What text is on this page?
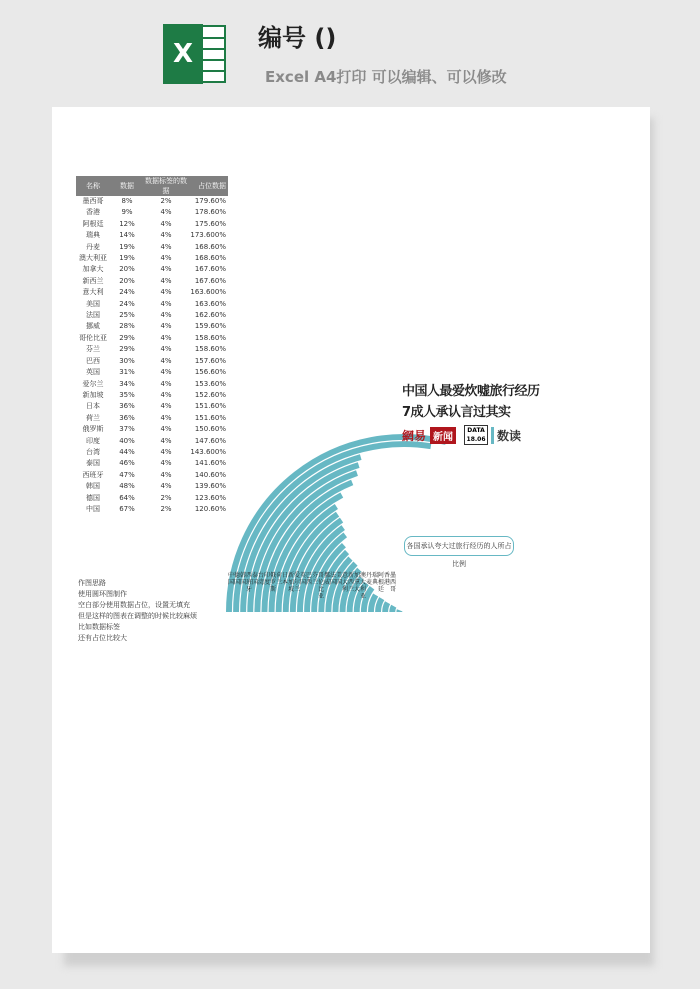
X
编号 ()
Excel A4打印 可以编辑、可以修改
名称	数据	数据标签的数据	占位数据
墨西哥	8%	2%	179.60%
香港	9%	4%	178.60%
阿根廷	12%	4%	175.60%
瑞典	14%	4%	173.600%
丹麦	19%	4%	168.60%
澳大利亚	19%	4%	168.60%
加拿大	20%	4%	167.60%
新西兰	20%	4%	167.60%
意大利	24%	4%	163.600%
美国	24%	4%	163.60%
法国	25%	4%	162.60%
挪威	28%	4%	159.60%
哥伦比亚	29%	4%	158.60%
芬兰	29%	4%	158.60%
巴西	30%	4%	157.60%
英国	31%	4%	156.60%
爱尔兰	34%	4%	153.60%
新加坡	35%	4%	152.60%
日本	36%	4%	151.60%
荷兰	36%	4%	151.60%
俄罗斯	37%	4%	150.60%
印度	40%	4%	147.60%
台湾	44%	4%	143.600%
泰国	46%	4%	141.60%
西班牙	47%	4%	140.60%
韩国	48%	4%	139.60%
德国	64%	2%	123.60%
中国	67%	2%	120.60%
中国人最爱炊嘘旅行经历
7成人承认言过其实
網易 新闻
DATA
18.06 数读
各国承认夸大过旅行经历的人所占比例
中国
德国
韩国
西班牙
泰国
台湾
印度
俄罗斯
荷兰
日本
新加坡
爱尔兰
英国
巴西
芬兰
哥伦比亚
挪威
法国
美国
意大利
新西兰
加拿大
澳大利亚
丹麦
瑞典
阿根廷
香港
墨西哥
作图思路
使用圆环图制作
空白部分使用数据占位，设置无填充
但是这样的图表在调整的时候比较麻烦
比如数据标签
还有占位比较大
